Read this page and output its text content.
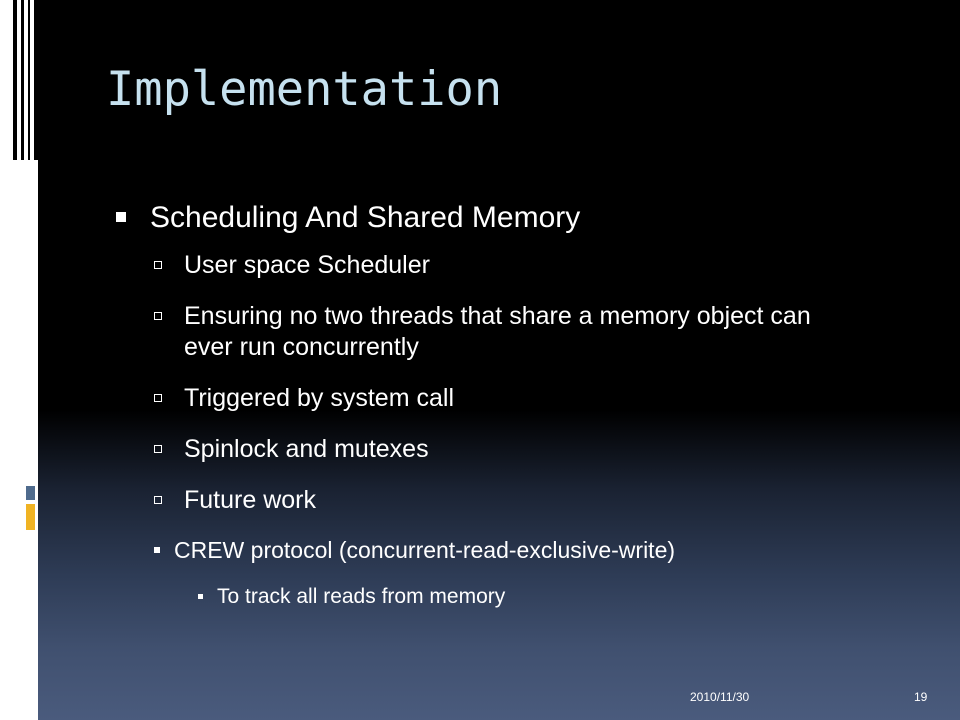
Implementation
Scheduling And Shared Memory
User space Scheduler
Ensuring no two threads that share a memory object can ever run concurrently
Triggered by system call
Spinlock and mutexes
Future work
CREW protocol (concurrent-read-exclusive-write)
To track all reads from memory
2010/11/30	19
